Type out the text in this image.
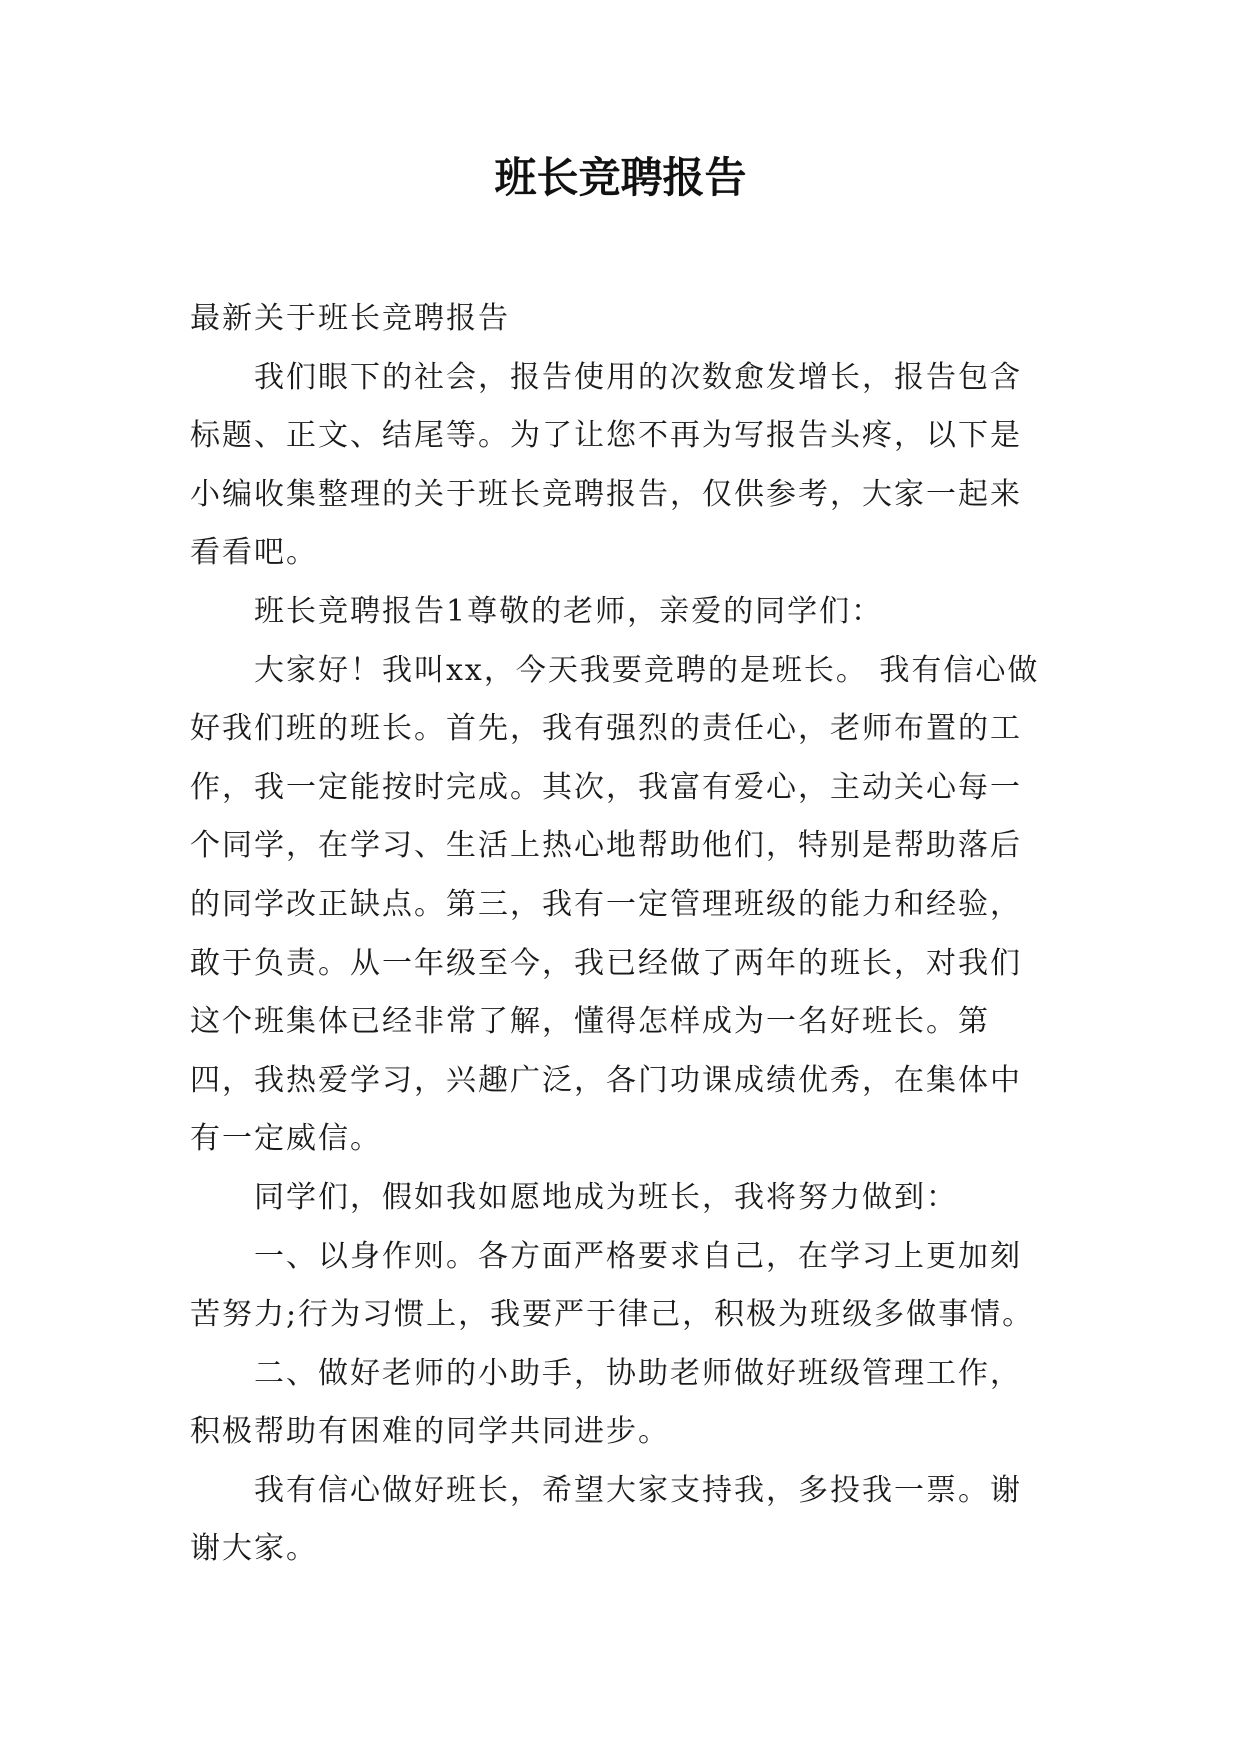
班长竞聘报告

最新关于班长竞聘报告

我们眼下的社会，报告使用的次数愈发增长，报告包含标题、正文、结尾等。为了让您不再为写报告头疼，以下是小编收集整理的关于班长竞聘报告，仅供参考，大家一起来看看吧。

班长竞聘报告1尊敬的老师，亲爱的同学们：

大家好！我叫xx，今天我要竞聘的是班长。 我有信心做好我们班的班长。首先，我有强烈的责任心，老师布置的工作，我一定能按时完成。其次，我富有爱心，主动关心每一个同学，在学习、生活上热心地帮助他们，特别是帮助落后的同学改正缺点。第三，我有一定管理班级的能力和经验，敢于负责。从一年级至今，我已经做了两年的班长，对我们这个班集体已经非常了解，懂得怎样成为一名好班长。第四，我热爱学习，兴趣广泛，各门功课成绩优秀，在集体中有一定威信。

同学们，假如我如愿地成为班长，我将努力做到：

一、以身作则。各方面严格要求自己，在学习上更加刻苦努力;行为习惯上，我要严于律己，积极为班级多做事情。

二、做好老师的小助手，协助老师做好班级管理工作，积极帮助有困难的同学共同进步。

我有信心做好班长，希望大家支持我，多投我一票。谢谢大家。
